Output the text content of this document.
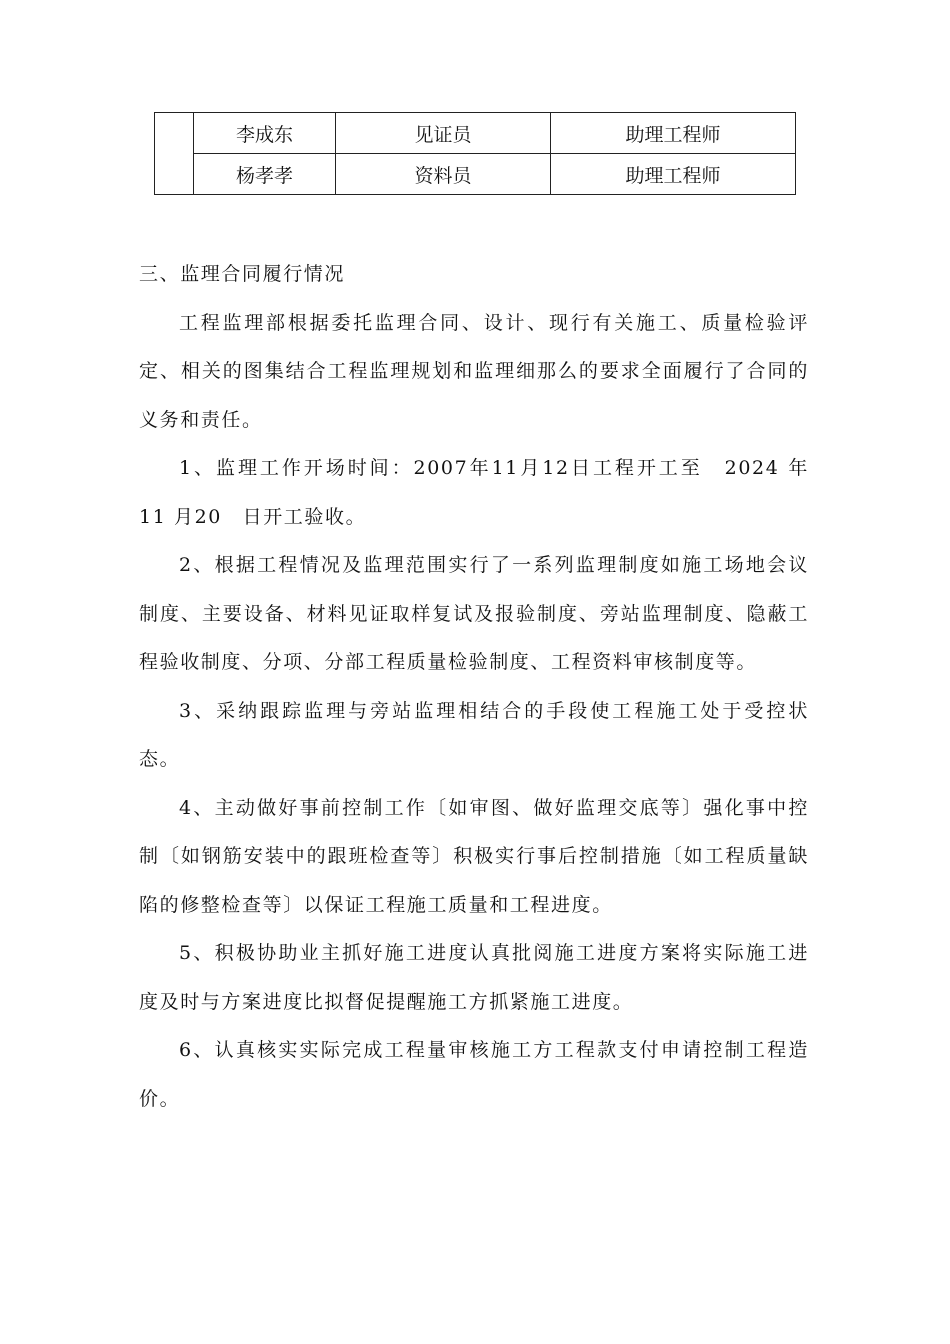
	李成东	见证员	助理工程师
	杨孝孝	资料员	助理工程师

三、监理合同履行情况

工程监理部根据委托监理合同、设计、现行有关施工、质量检验评定、相关的图集结合工程监理规划和监理细那么的要求全面履行了合同的义务和责任。

1、监理工作开场时间：2007年11月12日工程开工至　2024 年 11 月20　日开工验收。

2、根据工程情况及监理范围实行了一系列监理制度如施工场地会议制度、主要设备、材料见证取样复试及报验制度、旁站监理制度、隐蔽工程验收制度、分项、分部工程质量检验制度、工程资料审核制度等。

3、采纳跟踪监理与旁站监理相结合的手段使工程施工处于受控状态。

4、主动做好事前控制工作〔如审图、做好监理交底等〕强化事中控制〔如钢筋安装中的跟班检查等〕积极实行事后控制措施〔如工程质量缺陷的修整检查等〕以保证工程施工质量和工程进度。

5、积极协助业主抓好施工进度认真批阅施工进度方案将实际施工进度及时与方案进度比拟督促提醒施工方抓紧施工进度。

6、认真核实实际完成工程量审核施工方工程款支付申请控制工程造价。
